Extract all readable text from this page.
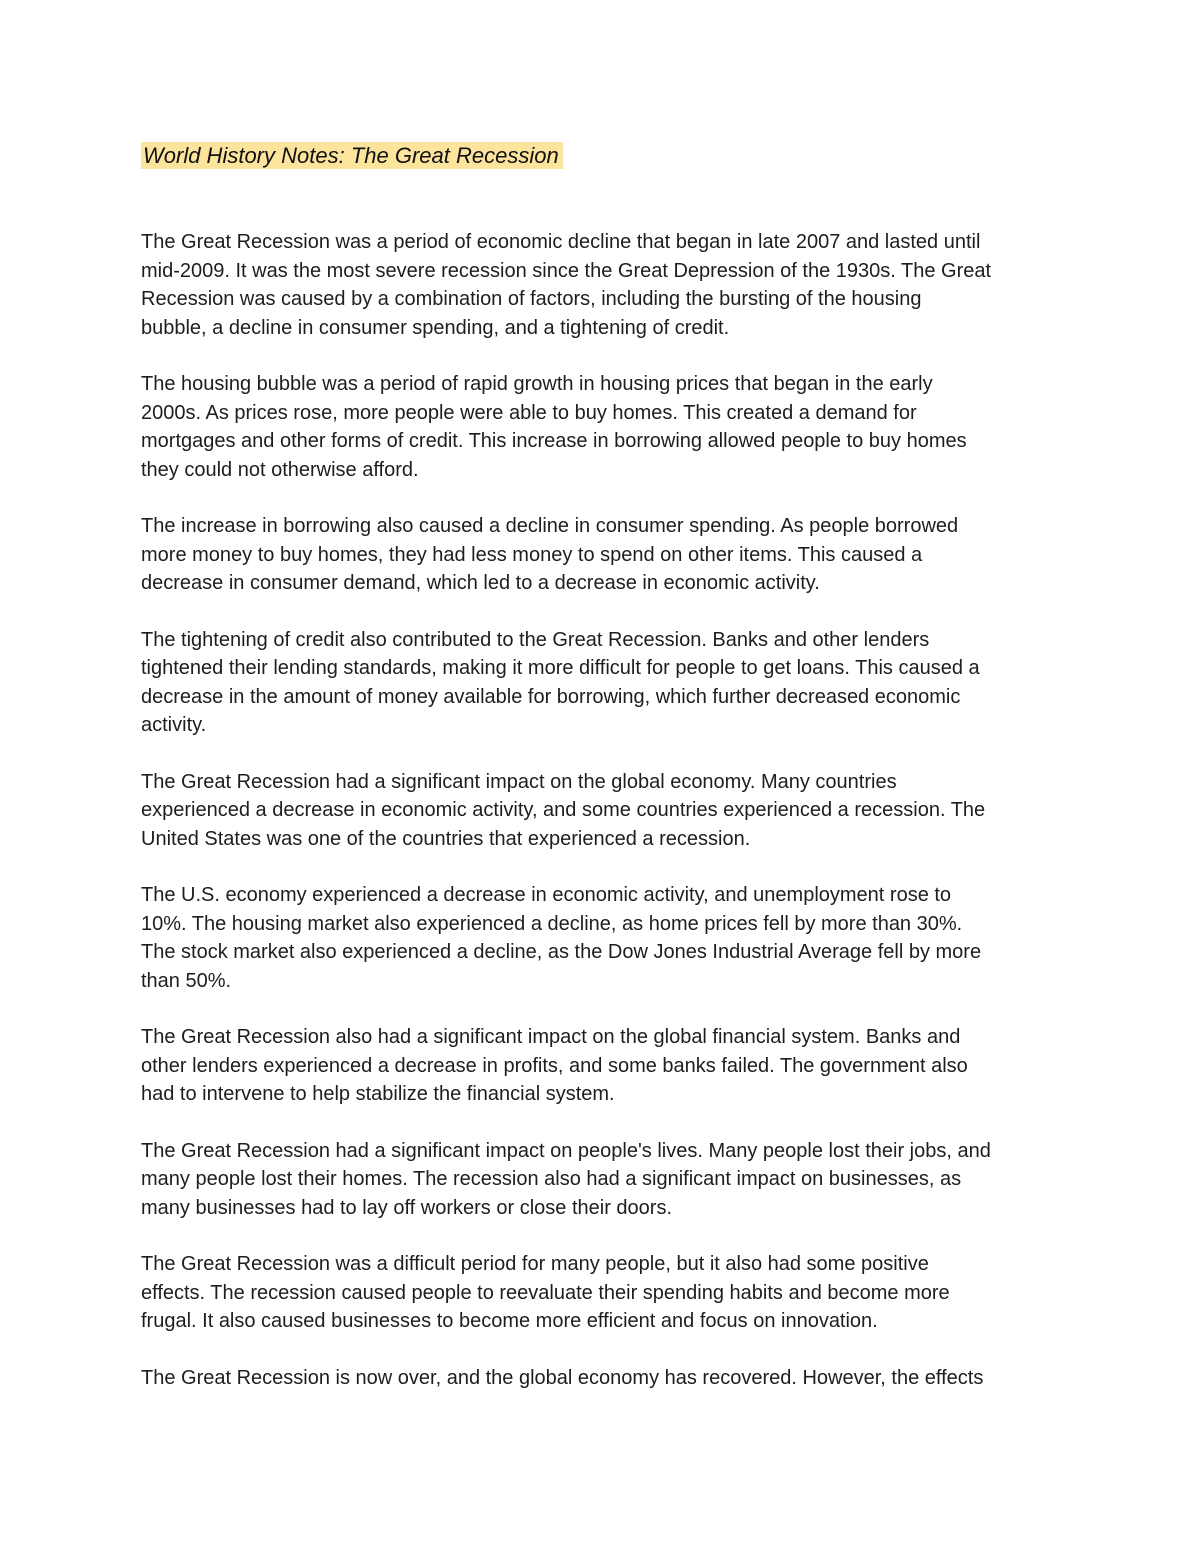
World History Notes: The Great Recession

The Great Recession was a period of economic decline that began in late 2007 and lasted until
mid-2009. It was the most severe recession since the Great Depression of the 1930s. The Great
Recession was caused by a combination of factors, including the bursting of the housing
bubble, a decline in consumer spending, and a tightening of credit.

The housing bubble was a period of rapid growth in housing prices that began in the early
2000s. As prices rose, more people were able to buy homes. This created a demand for
mortgages and other forms of credit. This increase in borrowing allowed people to buy homes
they could not otherwise afford.

The increase in borrowing also caused a decline in consumer spending. As people borrowed
more money to buy homes, they had less money to spend on other items. This caused a
decrease in consumer demand, which led to a decrease in economic activity.

The tightening of credit also contributed to the Great Recession. Banks and other lenders
tightened their lending standards, making it more difficult for people to get loans. This caused a
decrease in the amount of money available for borrowing, which further decreased economic
activity.

The Great Recession had a significant impact on the global economy. Many countries
experienced a decrease in economic activity, and some countries experienced a recession. The
United States was one of the countries that experienced a recession.

The U.S. economy experienced a decrease in economic activity, and unemployment rose to
10%. The housing market also experienced a decline, as home prices fell by more than 30%.
The stock market also experienced a decline, as the Dow Jones Industrial Average fell by more
than 50%.

The Great Recession also had a significant impact on the global financial system. Banks and
other lenders experienced a decrease in profits, and some banks failed. The government also
had to intervene to help stabilize the financial system.

The Great Recession had a significant impact on people's lives. Many people lost their jobs, and
many people lost their homes. The recession also had a significant impact on businesses, as
many businesses had to lay off workers or close their doors.

The Great Recession was a difficult period for many people, but it also had some positive
effects. The recession caused people to reevaluate their spending habits and become more
frugal. It also caused businesses to become more efficient and focus on innovation.

The Great Recession is now over, and the global economy has recovered. However, the effects
